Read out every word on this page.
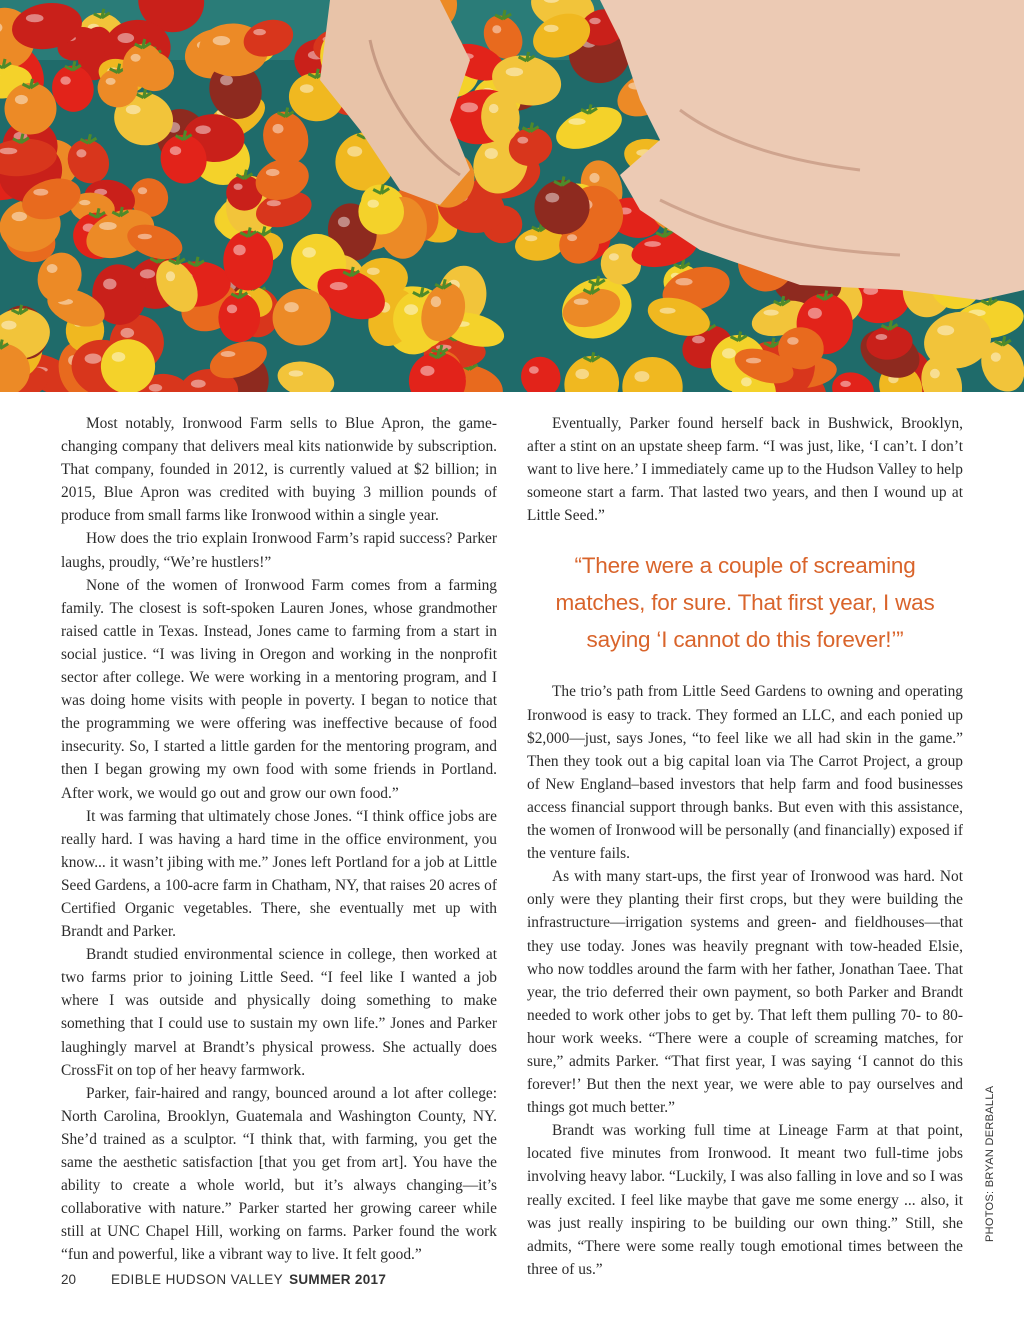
Most notably, Ironwood Farm sells to Blue Apron, the game-changing company that delivers meal kits nationwide by subscription. That company, founded in 2012, is currently valued at $2 billion; in 2015, Blue Apron was credited with buying 3 million pounds of produce from small farms like Ironwood within a single year.

How does the trio explain Ironwood Farm’s rapid success? Parker laughs, proudly, “We’re hustlers!”

None of the women of Ironwood Farm comes from a farming family. The closest is soft-spoken Lauren Jones, whose grandmother raised cattle in Texas. Instead, Jones came to farming from a start in social justice. “I was living in Oregon and working in the nonprofit sector after college. We were working in a mentoring program, and I was doing home visits with people in poverty. I began to notice that the programming we were offering was ineffective because of food insecurity. So, I started a little garden for the mentoring program, and then I began growing my own food with some friends in Portland. After work, we would go out and grow our own food.”

It was farming that ultimately chose Jones. “I think office jobs are really hard. I was having a hard time in the office environment, you know... it wasn’t jibing with me.” Jones left Portland for a job at Little Seed Gardens, a 100-acre farm in Chatham, NY, that raises 20 acres of Certified Organic vegetables. There, she eventually met up with Brandt and Parker.

Brandt studied environmental science in college, then worked at two farms prior to joining Little Seed. “I feel like I wanted a job where I was outside and physically doing something to make something that I could use to sustain my own life.” Jones and Parker laughingly marvel at Brandt’s physical prowess. She actually does CrossFit on top of her heavy farmwork.

Parker, fair-haired and rangy, bounced around a lot after college: North Carolina, Brooklyn, Guatemala and Washington County, NY. She’d trained as a sculptor. “I think that, with farming, you get the same the aesthetic satisfaction [that you get from art]. You have the ability to create a whole world, but it’s always changing—it’s collaborative with nature.” Parker started her growing career while still at UNC Chapel Hill, working on farms. Parker found the work “fun and powerful, like a vibrant way to live. It felt good.”

Eventually, Parker found herself back in Bushwick, Brooklyn, after a stint on an upstate sheep farm. “I was just, like, ‘I can’t. I don’t want to live here.’ I immediately came up to the Hudson Valley to help someone start a farm. That lasted two years, and then I wound up at Little Seed.”

“There were a couple of screaming matches, for sure. That first year, I was saying ‘I cannot do this forever!’”

The trio’s path from Little Seed Gardens to owning and operating Ironwood is easy to track. They formed an LLC, and each ponied up $2,000—just, says Jones, “to feel like we all had skin in the game.” Then they took out a big capital loan via The Carrot Project, a group of New England–based investors that help farm and food businesses access financial support through banks. But even with this assistance, the women of Ironwood will be personally (and financially) exposed if the venture fails.

As with many start-ups, the first year of Ironwood was hard. Not only were they planting their first crops, but they were building the infrastructure—irrigation systems and green- and fieldhouses—that they use today. Jones was heavily pregnant with tow-headed Elsie, who now toddles around the farm with her father, Jonathan Taee. That year, the trio deferred their own payment, so both Parker and Brandt needed to work other jobs to get by. That left them pulling 70- to 80-hour work weeks. “There were a couple of screaming matches, for sure,” admits Parker. “That first year, I was saying ‘I cannot do this forever!’ But then the next year, we were able to pay ourselves and things got much better.”

Brandt was working full time at Lineage Farm at that point, located five minutes from Ironwood. It meant two full-time jobs involving heavy labor. “Luckily, I was also falling in love and so I was really excited. I feel like maybe that gave me some energy ... also, it was just really inspiring to be building our own thing.” Still, she admits, “There were some really tough emotional times between the three of us.”

PHOTOS: BRYAN DERBALLA
20	EDIBLE HUDSON VALLEY SUMMER 2017
